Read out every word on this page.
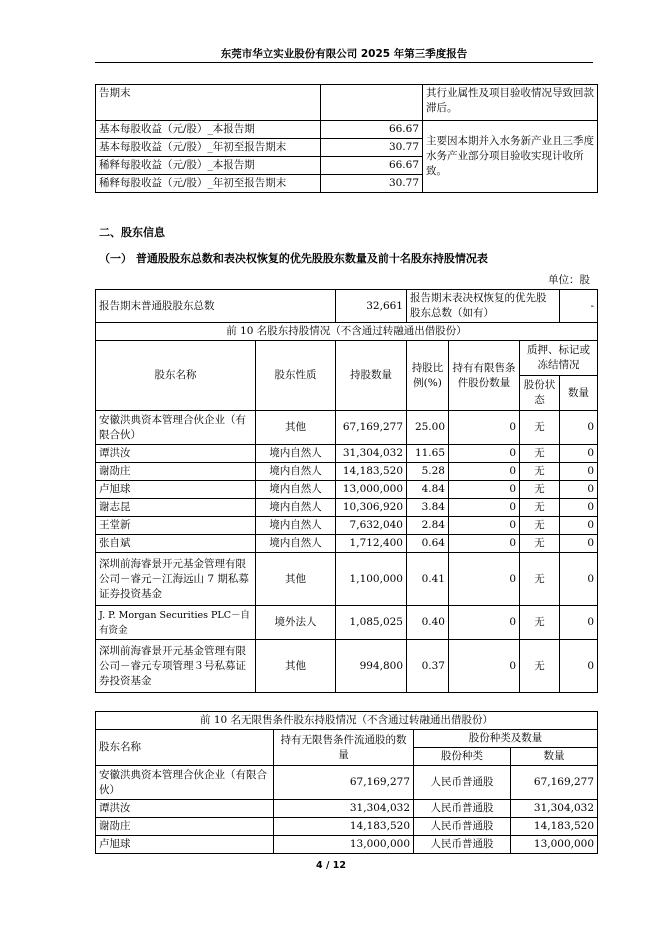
东莞市华立实业股份有限公司 2025 年第三季度报告
告期末		其行业属性及项目验收情况导致回款滞后。
基本每股收益（元/股）_本报告期	66.67	主要因本期并入水务新产业且三季度水务产业部分项目验收实现计收所致。
基本每股收益（元/股）_年初至报告期末	30.77	
稀释每股收益（元/股）_本报告期	66.67	
稀释每股收益（元/股）_年初至报告期末	30.77	
二、股东信息
（一） 普通股股东总数和表决权恢复的优先股股东数量及前十名股东持股情况表
单位：股
报告期末普通股股东总数		32,661	报告期末表决权恢复的优先股股东总数（如有）			-
前 10 名股东持股情况（不含通过转融通出借股份）						
股东名称	股东性质	持股数量	持股比例(%)	持有有限售条件股份数量	质押、标记或冻结情况	
					股份状态	数量
安徽洪典资本管理合伙企业（有限合伙）	其他	67,169,277	25.00	0	无	0
谭洪汝	境内自然人	31,304,032	11.65	0	无	0
谢劭庄	境内自然人	14,183,520	5.28	0	无	0
卢旭球	境内自然人	13,000,000	4.84	0	无	0
谢志昆	境内自然人	10,306,920	3.84	0	无	0
王堂新	境内自然人	7,632,040	2.84	0	无	0
张自斌	境内自然人	1,712,400	0.64	0	无	0
深圳前海睿景开元基金管理有限公司－睿元－江海远山 7 期私募证券投资基金	其他	1,100,000	0.41	0	无	0
J. P. Morgan Securities PLC－自有资金	境外法人	1,085,025	0.40	0	无	0
深圳前海睿景开元基金管理有限公司－睿元专项管理３号私募证券投资基金	其他	994,800	0.37	0	无	0
前 10 名无限售条件股东持股情况（不含通过转融通出借股份）			
股东名称	持有无限售条件流通股的数量	股份种类及数量	
		股份种类	数量
安徽洪典资本管理合伙企业（有限合伙）	67,169,277	人民币普通股	67,169,277
谭洪汝	31,304,032	人民币普通股	31,304,032
谢劭庄	14,183,520	人民币普通股	14,183,520
卢旭球	13,000,000	人民币普通股	13,000,000
4 / 12
